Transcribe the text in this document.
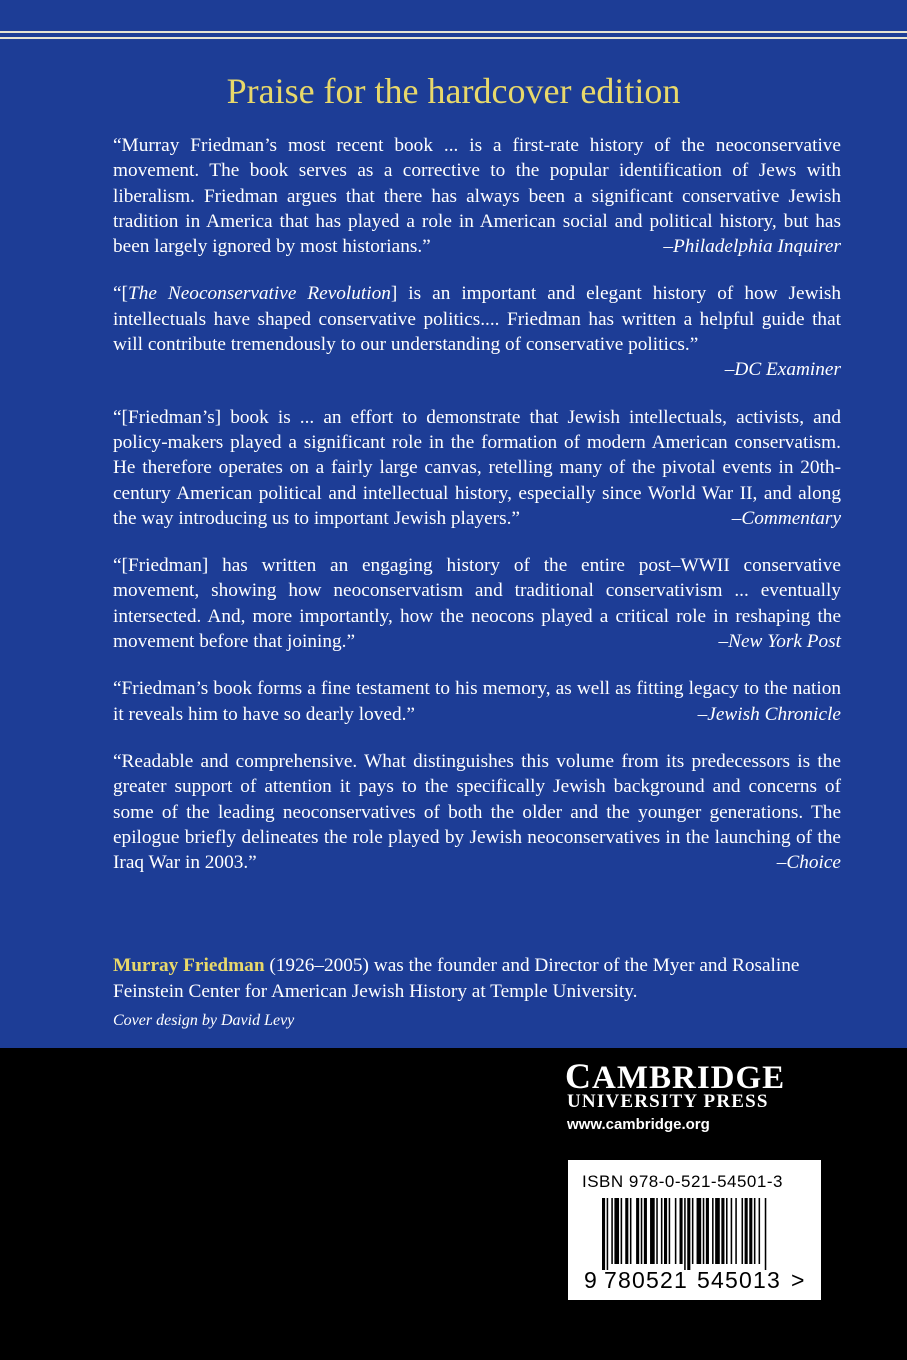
Praise for the hardcover edition

“Murray Friedman’s most recent book ... is a first-rate history of the neoconservative movement. The book serves as a corrective to the popular identification of Jews with liberalism. Friedman argues that there has always been a significant conservative Jewish tradition in America that has played a role in American social and political history, but has been largely ignored by most historians.”	–Philadelphia Inquirer

“[The Neoconservative Revolution] is an important and elegant history of how Jewish intellectuals have shaped conservative politics.... Friedman has written a helpful guide that will contribute tremendously to our understanding of conservative politics.”
–DC Examiner

“[Friedman’s] book is ... an effort to demonstrate that Jewish intellectuals, activists, and policy-makers played a significant role in the formation of modern American conservatism. He therefore operates on a fairly large canvas, retelling many of the pivotal events in 20th-century American political and intellectual history, especially since World War II, and along the way introducing us to important Jewish players.”	–Commentary

“[Friedman] has written an engaging history of the entire post–WWII conservative movement, showing how neoconservatism and traditional conservativism ... eventually intersected. And, more importantly, how the neocons played a critical role in reshaping the movement before that joining.”	–New York Post

“Friedman’s book forms a fine testament to his memory, as well as fitting legacy to the nation it reveals him to have so dearly loved.”	–Jewish Chronicle

“Readable and comprehensive. What distinguishes this volume from its predecessors is the greater support of attention it pays to the specifically Jewish background and concerns of some of the leading neoconservatives of both the older and the younger generations. The epilogue briefly delineates the role played by Jewish neoconservatives in the launching of the Iraq War in 2003.”	–Choice

Murray Friedman (1926–2005) was the founder and Director of the Myer and Rosaline Feinstein Center for American Jewish History at Temple University.

Cover design by David Levy
CAMBRIDGE
UNIVERSITY PRESS
www.cambridge.org
ISBN 978-0-521-54501-3
9 780521 545013 >
